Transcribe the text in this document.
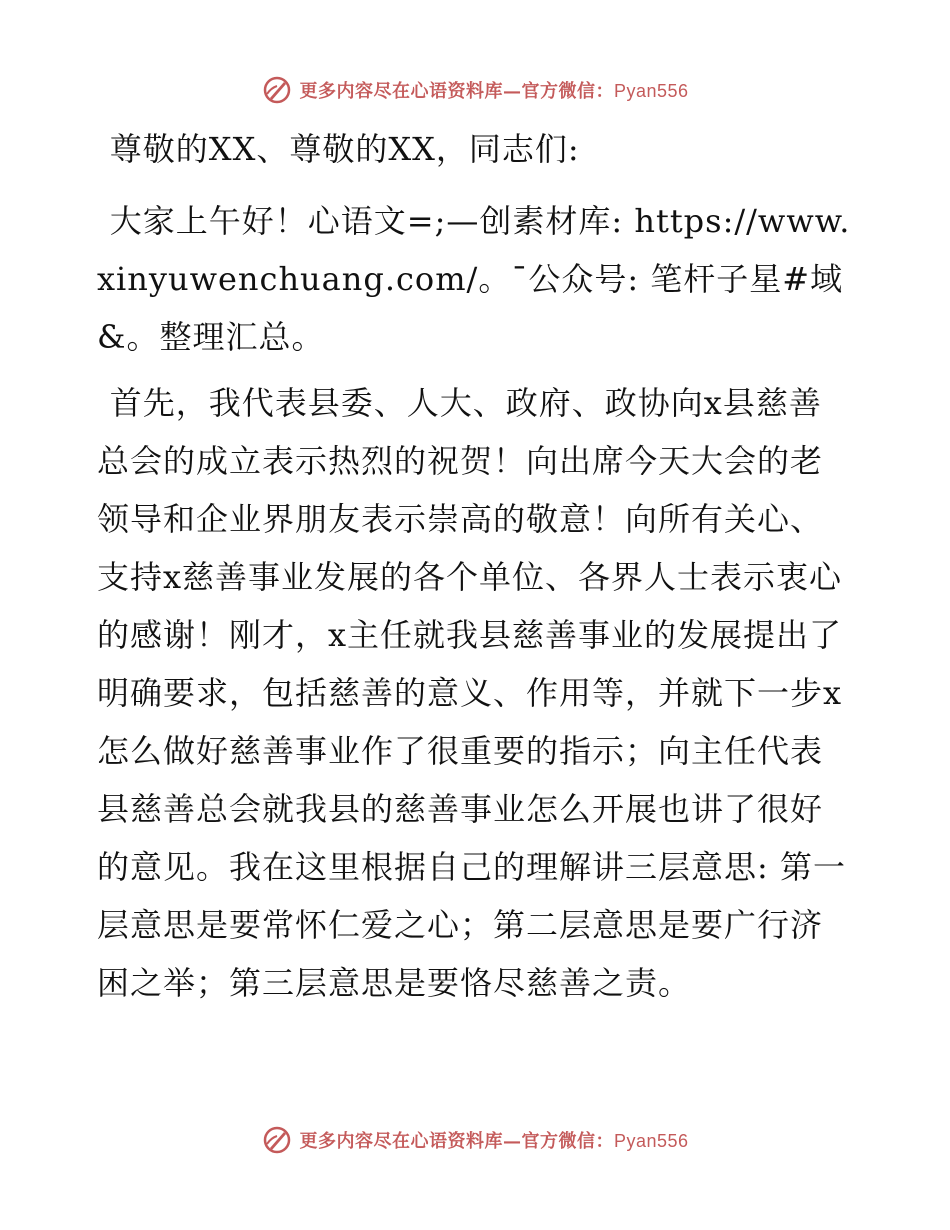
更多内容尽在心语资料库—官方微信：Pyan556

尊敬的XX、尊敬的XX，同志们:

大家上午好！心语文=;—创素材库: https://www.xinyuwenchuang.com/。¯公众号: 笔杆子星#域&。整理汇总。

首先，我代表县委、人大、政府、政协向x县慈善总会的成立表示热烈的祝贺！向出席今天大会的老领导和企业界朋友表示崇高的敬意！向所有关心、支持x慈善事业发展的各个单位、各界人士表示衷心的感谢！刚才，x主任就我县慈善事业的发展提出了明确要求，包括慈善的意义、作用等，并就下一步x怎么做好慈善事业作了很重要的指示；向主任代表县慈善总会就我县的慈善事业怎么开展也讲了很好的意见。我在这里根据自己的理解讲三层意思: 第一层意思是要常怀仁爱之心；第二层意思是要广行济困之举；第三层意思是要恪尽慈善之责。

更多内容尽在心语资料库—官方微信：Pyan556
